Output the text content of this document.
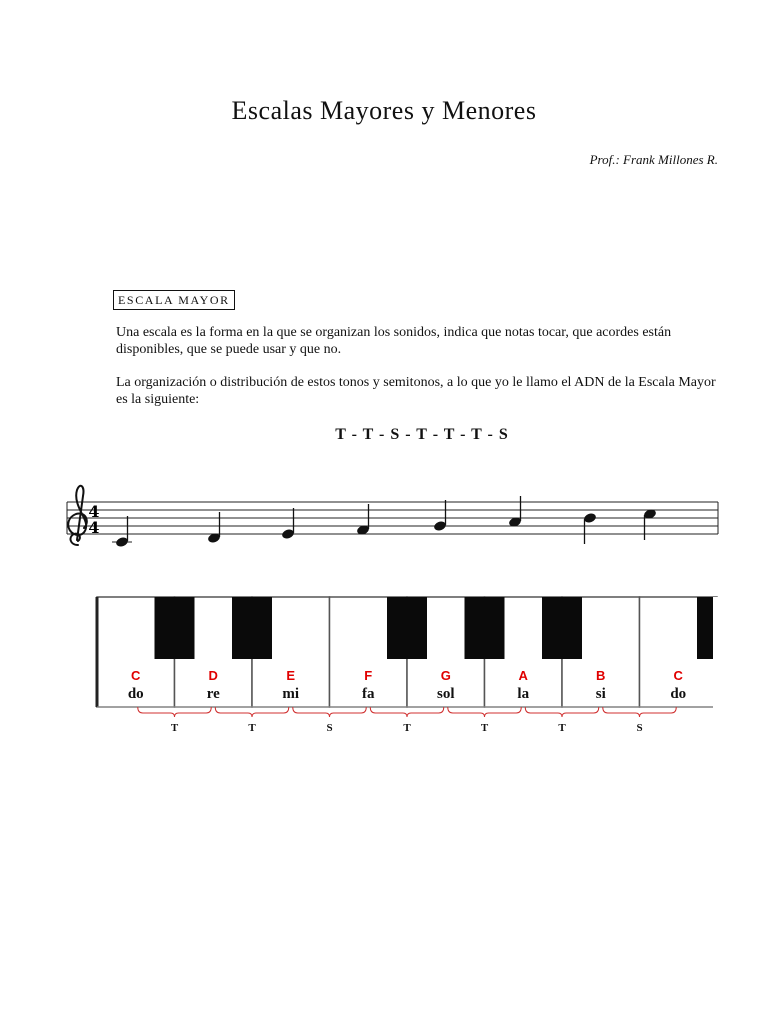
Escalas Mayores y Menores
Prof.: Frank Millones R.
ESCALA MAYOR

Una escala es la forma en la que se organizan los sonidos, indica que notas tocar, que acordes están disponibles, que se puede usar y que no.

La organización o distribución de estos tonos y semitonos, a lo que yo le llamo el ADN de la Escala Mayor es la siguiente:

T - T - S - T - T - T - S
4
4
C
do
D
re
E
mi
F
fa
G
sol
A
la
B
si
C
do
T	T	S	T	T	T	S
